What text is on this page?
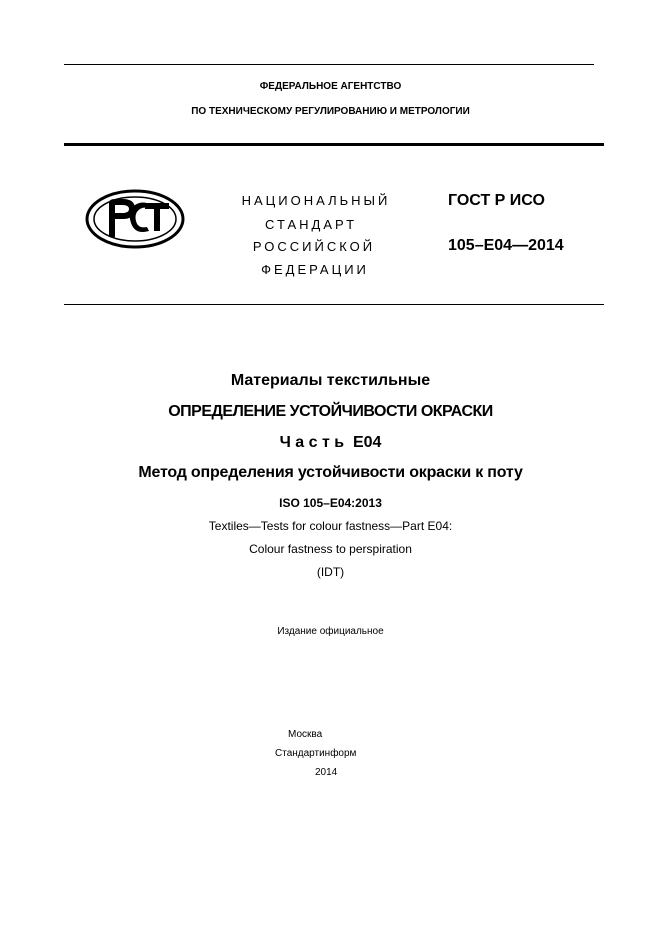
ФЕДЕРАЛЬНОЕ АГЕНТСТВО
ПО ТЕХНИЧЕСКОМУ РЕГУЛИРОВАНИЮ И МЕТРОЛОГИИ
НАЦИОНАЛЬНЫЙ
СТАНДАРТ
РОССИЙСКОЙ
ФЕДЕРАЦИИ
ГОСТ Р ИСО
105–E04—2014
Материалы текстильные
ОПРЕДЕЛЕНИЕ УСТОЙЧИВОСТИ ОКРАСКИ
Ч а с т ь  E04
Метод определения устойчивости окраски к поту
ISO 105–E04:2013
Textiles—Tests for colour fastness—Part E04:
Colour fastness to perspiration
(IDT)
Издание официальное
Москва
Стандартинформ
2014
